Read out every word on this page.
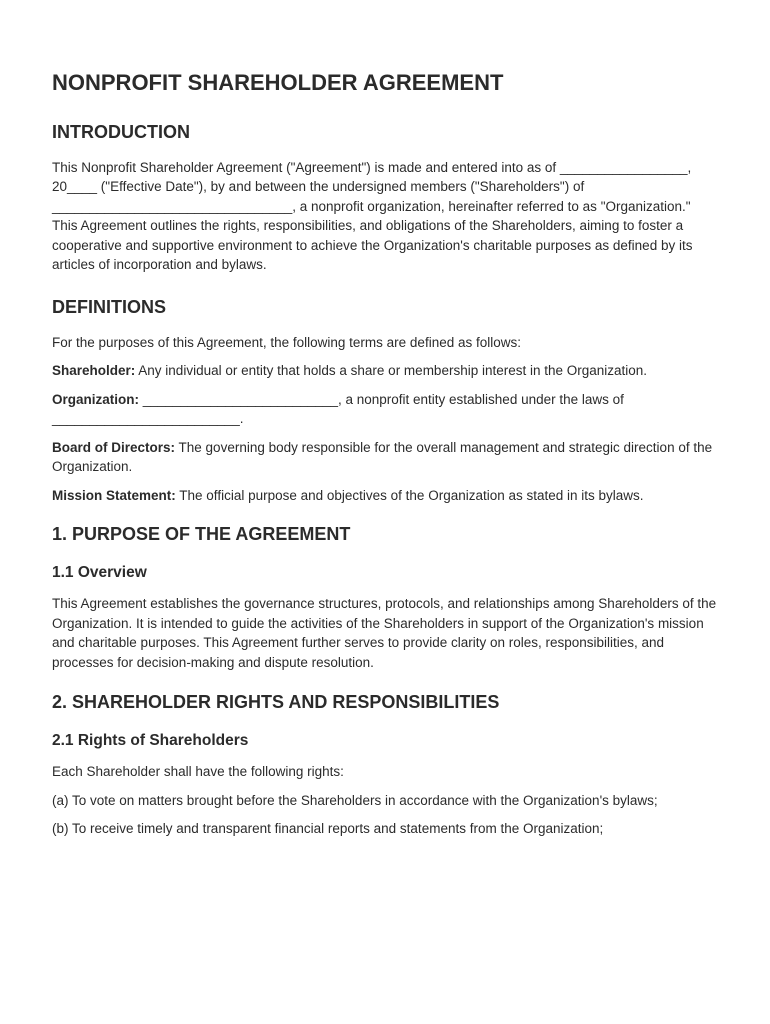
NONPROFIT SHAREHOLDER AGREEMENT
INTRODUCTION

This Nonprofit Shareholder Agreement ("Agreement") is made and entered into as of _________________, 20____ ("Effective Date"), by and between the undersigned members ("Shareholders") of ________________________________, a nonprofit organization, hereinafter referred to as "Organization." This Agreement outlines the rights, responsibilities, and obligations of the Shareholders, aiming to foster a cooperative and supportive environment to achieve the Organization's charitable purposes as defined by its articles of incorporation and bylaws.

DEFINITIONS

For the purposes of this Agreement, the following terms are defined as follows:

Shareholder: Any individual or entity that holds a share or membership interest in the Organization.

Organization: __________________________, a nonprofit entity established under the laws of _________________________.

Board of Directors: The governing body responsible for the overall management and strategic direction of the Organization.

Mission Statement: The official purpose and objectives of the Organization as stated in its bylaws.

1. PURPOSE OF THE AGREEMENT
1.1 Overview

This Agreement establishes the governance structures, protocols, and relationships among Shareholders of the Organization. It is intended to guide the activities of the Shareholders in support of the Organization's mission and charitable purposes. This Agreement further serves to provide clarity on roles, responsibilities, and processes for decision-making and dispute resolution.

2. SHAREHOLDER RIGHTS AND RESPONSIBILITIES
2.1 Rights of Shareholders

Each Shareholder shall have the following rights:

(a) To vote on matters brought before the Shareholders in accordance with the Organization's bylaws;

(b) To receive timely and transparent financial reports and statements from the Organization;
